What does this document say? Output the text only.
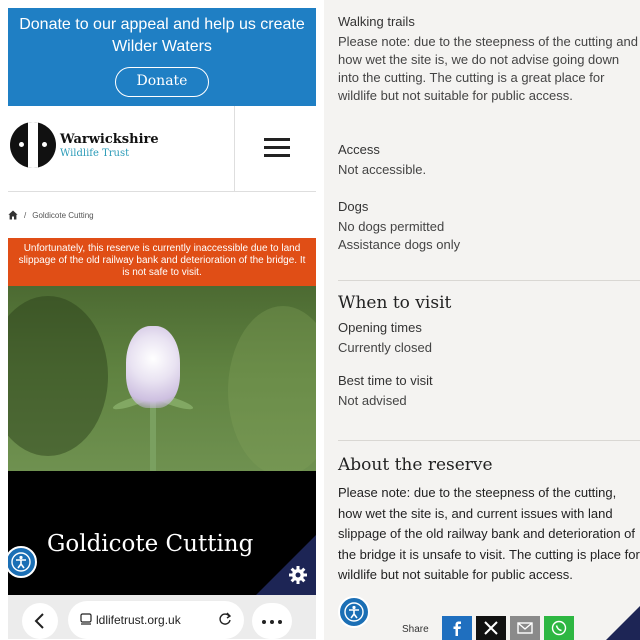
Donate to our appeal and help us create
Wilder Waters
Donate
Warwickshire
Wildlife Trust
/ Goldicote Cutting
Unfortunately, this reserve is currently inaccessible due to land slippage of the old railway bank and deterioration of the bridge. It is not safe to visit.
Goldicote Cutting
ldlifetrust.org.uk
Walking trails
Please note: due to the steepness of the cutting and how wet the site is, we do not advise going down into the cutting. The cutting is a great place for wildlife but not suitable for public access.
Access
Not accessible.
Dogs
No dogs permitted
Assistance dogs only
When to visit
Opening times
Currently closed
Best time to visit
Not advised
About the reserve
Please note: due to the steepness of the cutting, how wet the site is, and current issues with land slippage of the old railway bank and deterioration of the bridge it is unsafe to visit. The cutting is place for wildlife but not suitable for public access.
Share
